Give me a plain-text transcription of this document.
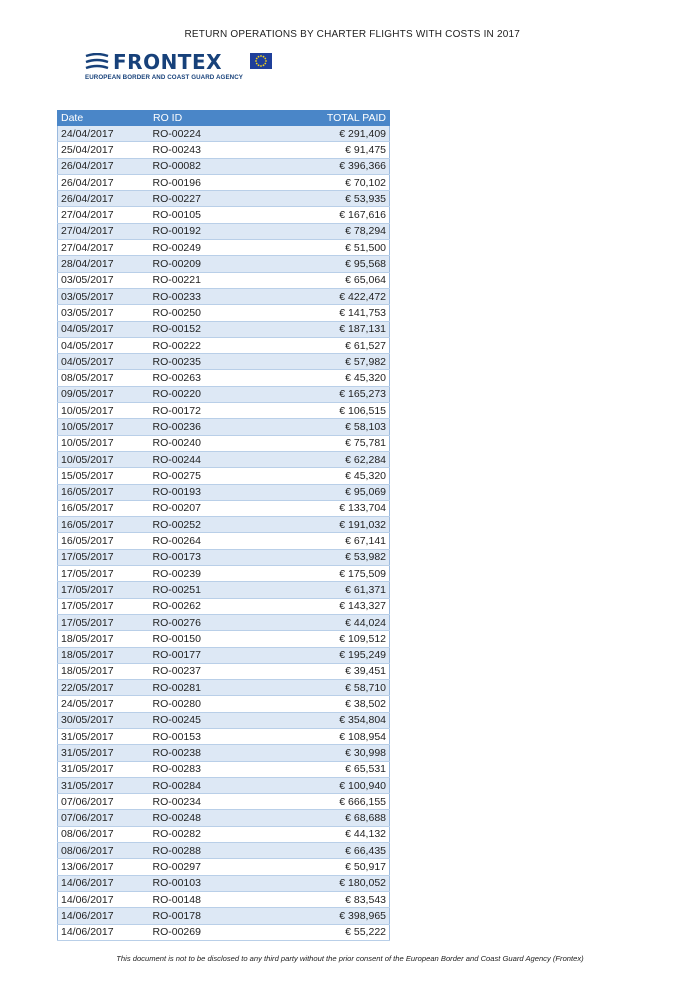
RETURN OPERATIONS BY CHARTER FLIGHTS WITH COSTS IN 2017
FRONTEX
EUROPEAN BORDER AND COAST GUARD AGENCY
Date	RO ID	TOTAL PAID
24/04/2017	RO-00224	€ 291,409
25/04/2017	RO-00243	€ 91,475
26/04/2017	RO-00082	€ 396,366
26/04/2017	RO-00196	€ 70,102
26/04/2017	RO-00227	€ 53,935
27/04/2017	RO-00105	€ 167,616
27/04/2017	RO-00192	€ 78,294
27/04/2017	RO-00249	€ 51,500
28/04/2017	RO-00209	€ 95,568
03/05/2017	RO-00221	€ 65,064
03/05/2017	RO-00233	€ 422,472
03/05/2017	RO-00250	€ 141,753
04/05/2017	RO-00152	€ 187,131
04/05/2017	RO-00222	€ 61,527
04/05/2017	RO-00235	€ 57,982
08/05/2017	RO-00263	€ 45,320
09/05/2017	RO-00220	€ 165,273
10/05/2017	RO-00172	€ 106,515
10/05/2017	RO-00236	€ 58,103
10/05/2017	RO-00240	€ 75,781
10/05/2017	RO-00244	€ 62,284
15/05/2017	RO-00275	€ 45,320
16/05/2017	RO-00193	€ 95,069
16/05/2017	RO-00207	€ 133,704
16/05/2017	RO-00252	€ 191,032
16/05/2017	RO-00264	€ 67,141
17/05/2017	RO-00173	€ 53,982
17/05/2017	RO-00239	€ 175,509
17/05/2017	RO-00251	€ 61,371
17/05/2017	RO-00262	€ 143,327
17/05/2017	RO-00276	€ 44,024
18/05/2017	RO-00150	€ 109,512
18/05/2017	RO-00177	€ 195,249
18/05/2017	RO-00237	€ 39,451
22/05/2017	RO-00281	€ 58,710
24/05/2017	RO-00280	€ 38,502
30/05/2017	RO-00245	€ 354,804
31/05/2017	RO-00153	€ 108,954
31/05/2017	RO-00238	€ 30,998
31/05/2017	RO-00283	€ 65,531
31/05/2017	RO-00284	€ 100,940
07/06/2017	RO-00234	€ 666,155
07/06/2017	RO-00248	€ 68,688
08/06/2017	RO-00282	€ 44,132
08/06/2017	RO-00288	€ 66,435
13/06/2017	RO-00297	€ 50,917
14/06/2017	RO-00103	€ 180,052
14/06/2017	RO-00148	€ 83,543
14/06/2017	RO-00178	€ 398,965
14/06/2017	RO-00269	€ 55,222
This document is not to be disclosed to any third party without the prior consent of the European Border and Coast Guard Agency (Frontex)
